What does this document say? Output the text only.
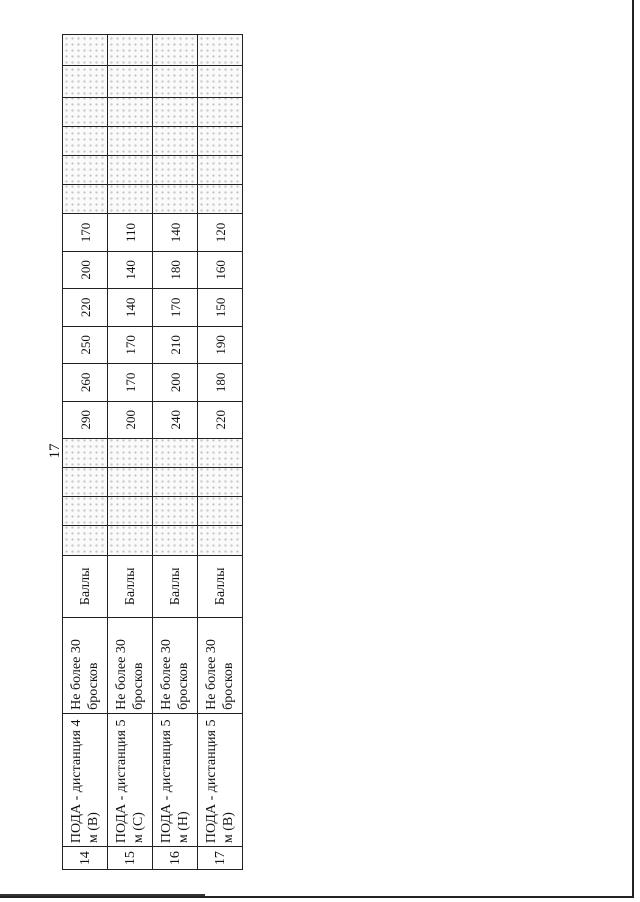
17
14	ПОДА - дистанция 4 м (В)	Не более 30 бросков	Баллы					290	260	250	220	200	170						
15	ПОДА - дистанция 5 м (С)	Не более 30 бросков	Баллы					200	170	170	140	140	110						
16	ПОДА - дистанция 5 м (Н)	Не более 30 бросков	Баллы					240	200	210	170	180	140						
17	ПОДА - дистанция 5 м (В)	Не более 30 бросков	Баллы					220	180	190	150	160	120						
